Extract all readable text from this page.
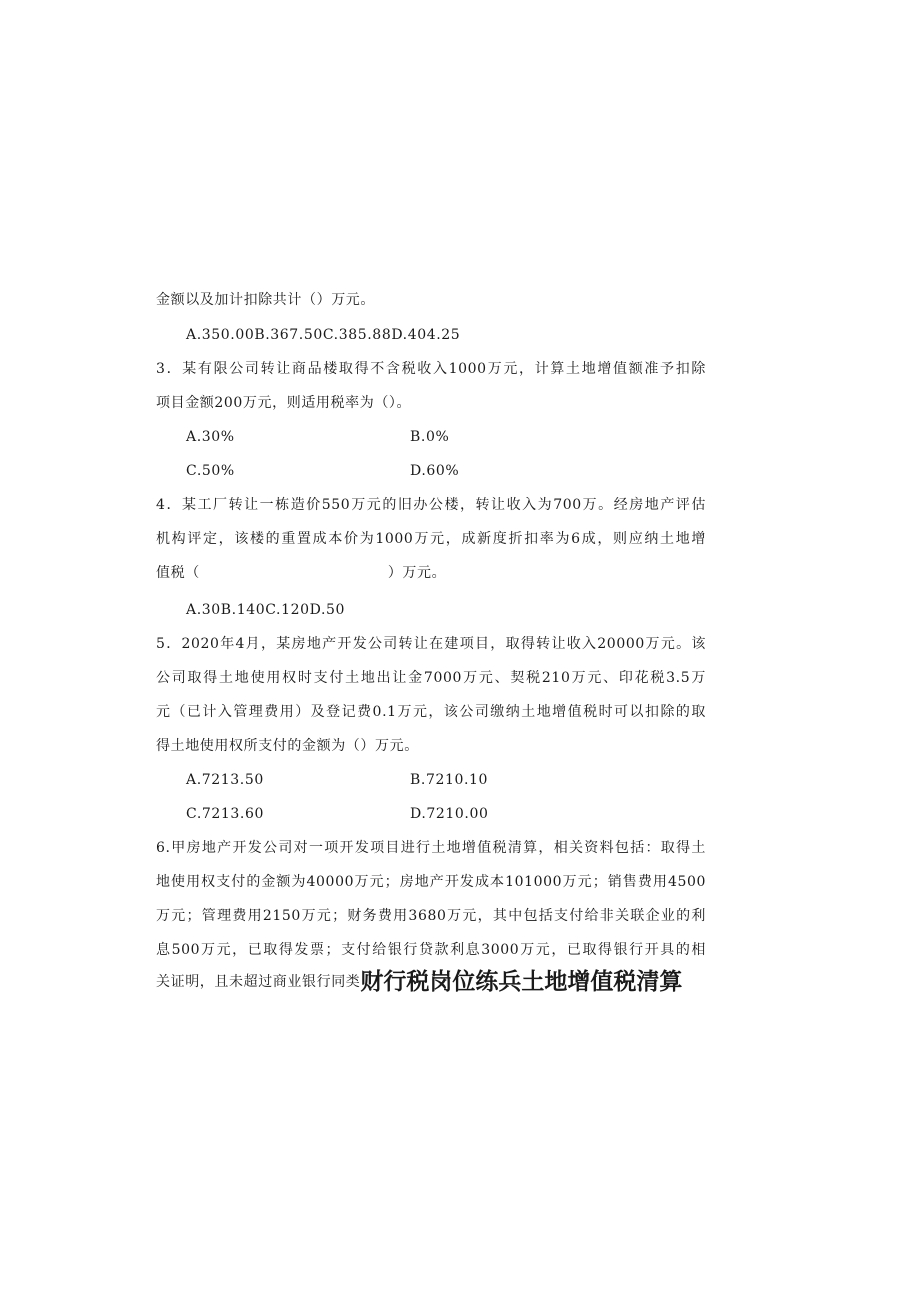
金额以及加计扣除共计（）万元。
A.350.00B.367.50C.385.88D.404.25
3．某有限公司转让商品楼取得不含税收入1000万元，计算土地增值额准予扣除
项目金额200万元，则适用税率为（）。
A.30%	B.0%
C.50%	D.60%
4．某工厂转让一栋造价550万元的旧办公楼，转让收入为700万。经房地产评估
机构评定，该楼的重置成本价为1000万元，成新度折扣率为6成，则应纳土地增
值税（	）万元。
A.30B.140C.120D.50
5．2020年4月，某房地产开发公司转让在建项目，取得转让收入20000万元。该
公司取得土地使用权时支付土地出让金7000万元、契税210万元、印花税3.5万
元（已计入管理费用）及登记费0.1万元，该公司缴纳土地增值税时可以扣除的取
得土地使用权所支付的金额为（）万元。
A.7213.50	B.7210.10
C.7213.60	D.7210.00
6.甲房地产开发公司对一项开发项目进行土地增值税清算，相关资料包括：取得土
地使用权支付的金额为40000万元；房地产开发成本101000万元；销售费用4500
万元；管理费用2150万元；财务费用3680万元，其中包括支付给非关联企业的利
息500万元，已取得发票；支付给银行贷款利息3000万元，已取得银行开具的相
关证明，且未超过商业银行同类财行税岗位练兵土地增值税清算
